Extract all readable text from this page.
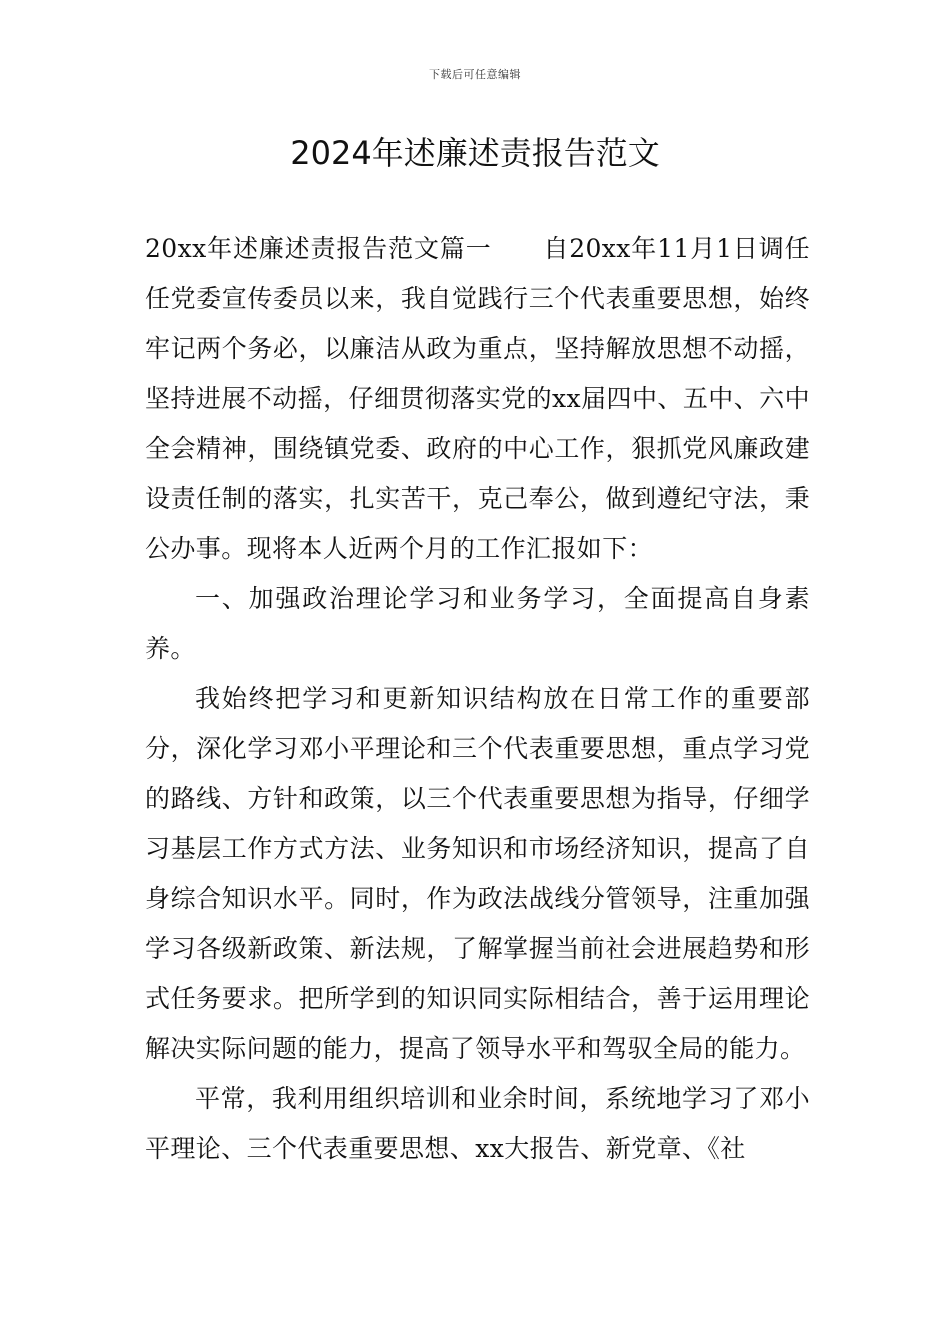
下载后可任意编辑
2024年述廉述责报告范文

20xx年述廉述责报告范文篇一　　自20xx年11月1日调任任党委宣传委员以来，我自觉践行三个代表重要思想，始终牢记两个务必，以廉洁从政为重点，坚持解放思想不动摇，坚持进展不动摇，仔细贯彻落实党的xx届四中、五中、六中全会精神，围绕镇党委、政府的中心工作，狠抓党风廉政建设责任制的落实，扎实苦干，克己奉公，做到遵纪守法，秉公办事。现将本人近两个月的工作汇报如下：

一、加强政治理论学习和业务学习，全面提高自身素养。

我始终把学习和更新知识结构放在日常工作的重要部分，深化学习邓小平理论和三个代表重要思想，重点学习党的路线、方针和政策，以三个代表重要思想为指导，仔细学习基层工作方式方法、业务知识和市场经济知识，提高了自身综合知识水平。同时，作为政法战线分管领导，注重加强学习各级新政策、新法规，了解掌握当前社会进展趋势和形式任务要求。把所学到的知识同实际相结合，善于运用理论解决实际问题的能力，提高了领导水平和驾驭全局的能力。

平常，我利用组织培训和业余时间，系统地学习了邓小平理论、三个代表重要思想、xx大报告、新党章、《社
